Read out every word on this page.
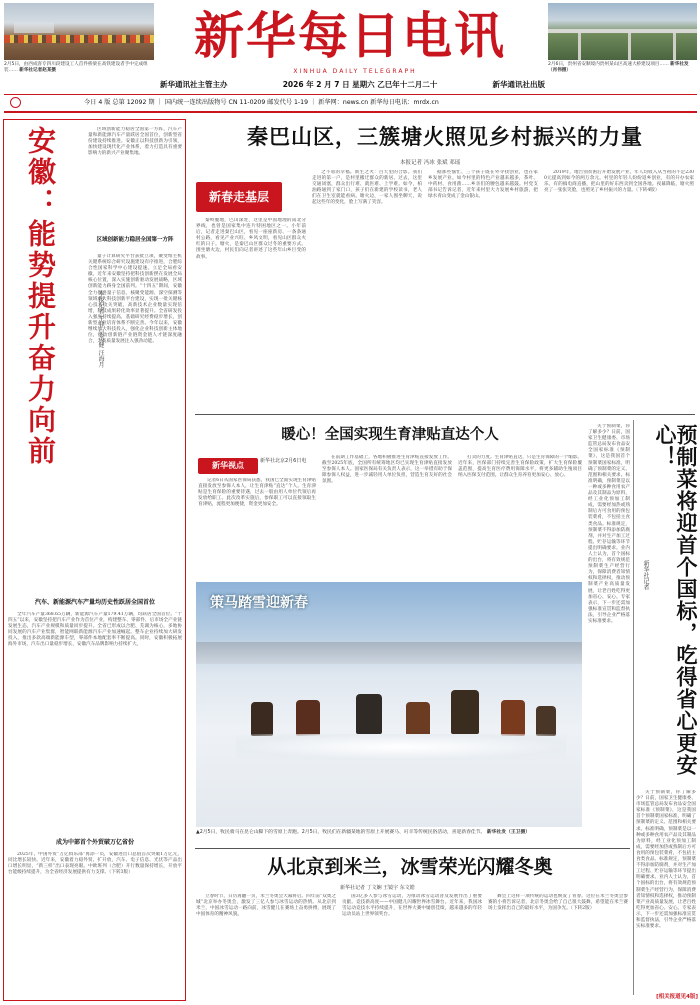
2月5日，由西成客专四川段建设工人首件桥梁在高铁建设者手中完成组装…… 新华社记者赵某摄
新华每日电讯
XINHUA DAILY TELEGRAPH
新华通讯社主管主办	2026 年 2 月 7 日 星期六 乙巳年十二月二十	新华通讯社出版
2月6日，贵州省安顺境内贵州某山区高速大桥建设项目…… 新华社发（肖伟摄）
今日 4 版 总第 12092 期 ｜ 国内统一连续出版物号 CN 11-0209 邮发代号 1-19 ｜ 新华网：news.cn 新华每日电讯：mrdx.cn
安徽：能势提升奋力向前	本报记者 王菲 吴英健 汪海月
区域创新能力稳居全国第一方阵，汽车产量和新能源汽车产量跃居全国首位，创新型省份建设持续推进。安徽正以科技创新为引领，加快建设现代化产业体系，着力打造具有重要影响力的新兴产业聚集地。
区域创新能力稳居全国第一方阵
量子计算研究平台获批立项，聚变堆主机关键系统综合研究设施建设有序推进，合肥综合性国家科学中心建设提速。立足全局看安徽，近年来安徽坚持把科技创新摆在发展全局核心位置，深入实施创新驱动发展战略，区域创新能力跻身全国前列。“十四五”期间，安徽全力推进量子信息、核聚变能源、深空探测等领域重大科技创新平台建设，实现一批关键核心技术攻关突破，高新技术企业数量实现倍增，科技成果转化效率显著提升。全省研发投入强度持续提高，基础研究经费稳步增长，创新型企业培育体系不断完善。今年以来，安徽继续加大科技投入，强化企业科技创新主体地位，推动创新链产业链资金链人才链深度融合，为高质量发展注入强劲动能。
汽车、新能源汽车产量均历史性跃居全国首位
全年汽车产量368.65万辆，新能源汽车产量179.41万辆，均跃居全国首位。“十四五”以来，安徽坚持把汽车产业作为首位产业，构建整车、零部件、后市场全产业链发展生态，汽车产业规模和质量同步提升。全省已形成以合肥、芜湖为核心，多地协同发展的汽车产业集群，智能网联新能源汽车产业加速崛起。整车企业持续加大研发投入，推出多款高端新能源车型，零部件本地配套率不断提高。同时，安徽积极拓展海外市场，汽车出口量稳步增长，安徽汽车品牌影响力持续扩大。
成为中部首个外贸破万亿省份
2025年，中国外贸“万亿俱乐部”再添一员，安徽进出口总值首次突破1万亿元，同比增长较快。近年来，安徽着力稳外贸、扩开放，汽车、电子信息、光伏等产品出口增长明显，“新三样”出口表现亮眼。中欧班列（合肥）开行数量保持增长，开放平台能级持续提升，为全省经济发展提供有力支撑。（下转3版）
秦巴山区，三簇塘火照见乡村振兴的力量
本报记者 冯冰 张斌 邓瑶
新春走基层
秦岭腹地，巴山深处，这里是中国地理的南北分界线，也曾是国家集中连片特困地区之一。小年前后，记者走进秦巴山区，看见一座座新房、一条条通村公路，看见产业兴旺、乡风文明，看见山区群众火红的日子。塘火，是秦巴山区群众过冬的重要方式。围坐塘火边，村民们向记者讲述了这些年山乡巨变的故事。
之不易的幸福。新生之火：百天里的合影。我们走进的第一户，是村里搬迁群众的新居。过去，这里交通闭塞，群众出行难、就医难、上学难。如今，柏油路通到了家门口，孩子们在新建的学校读书，老人们在卫生室就能看病。塘火边，一家人围坐聊天，说起这些年的变化，脸上写满了笑容。
据那些恼忙、三个孩子既在外寻找创业，也在家乡发展产业。如今村里的特色产业越来越多，茶叶、中药材、食用菌……乡亲们的腰包越来越鼓。村党支部书记告诉记者，近年来村里大力发展乡村旅游，把绿水青山变成了金山银山。
2019年，地告别贫困后开始发展产业，年人均收入从当初的不足2300元提高到如今的两万余元。村里的年轻人纷纷返乡创业，有的开办农家乐，有的搞电商直播，把山里的好东西卖到全国各地。夜幕降临，塘火照亮了一张张笑脸，也照见了乡村振兴的力量。（下转4版）
预制菜将迎首个国标，吃得省心更安心！
新华社记者
关于预制菜，你了解多少？日前，国家卫生健康委、市场监管总局发布食品安全国家标准《预制菜》，这是我国首个预制菜国家标准，明确了预制菜的定义、范围和相关要求。标准明确，预制菜是以一种或多种食用农产品及其制品为原料，经工业化预加工制成，需要经加热或熟制后方可食用的预包装菜肴，不包括主食类食品。标准规定，预制菜不得添加防腐剂，并对生产加工过程、贮存运输等环节提出明确要求。业内人士认为，首个国标的出台，将有效规范预制菜生产经营行为，保障消费者知情权和选择权，推动预制菜产业高质量发展，让老百姓吃得更加省心、安心。专家表示，下一步还需加强标准宣贯和监督执法，引导企业严格落实标准要求。
关于预制菜，你了解多少？日前，国家卫生健康委、市场监管总局发布食品安全国家标准《预制菜》，这是我国首个预制菜国家标准，明确了预制菜的定义、范围和相关要求。标准明确，预制菜是以一种或多种食用农产品及其制品为原料，经工业化预加工制成，需要经加热或熟制后方可食用的预包装菜肴，不包括主食类食品。标准规定，预制菜不得添加防腐剂，并对生产加工过程、贮存运输等环节提出明确要求。业内人士认为，首个国标的出台，将有效规范预制菜生产经营行为，保障消费者知情权和选择权，推动预制菜产业高质量发展，让老百姓吃得更加省心、安心。专家表示，下一步还需加强标准宣贯和监督执法，引导企业严格落实标准要求。
[相关报道见4版]
暖心！全国实现生育津贴直达个人
新华视点	新华社北京2月6日电
记者6日从国家医保局获悉，我国已全面实现生育津贴直接发放至参保人本人，让生育津贴“直达”个人。生育津贴是生育保险的重要待遇，过去一般由用人单位代领后再发放给职工。此次改革实施后，参保职工可以直接领取生育津贴，流程更加便捷，资金更加安全。
在前期工作基础上，各地积极推进生育津贴直接发放工作。截至2025年底，全国所有统筹地区均已实现生育津贴直接发放至参保人本人。国家医保局有关负责人表示，这一举措有助于保障参保人权益，进一步减轻用人单位负担，营造生育友好的社会氛围。
打卖的力度。生育津贴直达，只是生育保障的一个缩影。近年来，医保部门持续完善生育保险政策，扩大生育保险覆盖范围，提高生育医疗费用保障水平，将更多辅助生殖项目纳入医保支付范围，让群众生育养育更加安心、放心。
策马踏雪迎新春
▲2月5日，牧民骑马在昆仑山脚下的雪原上奔跑。2月5日，牧民们在新疆某地的雪原上开展赛马、叼羊等传统民俗活动，喜迎新春佳节。 新华社发（王卫摄）
从北京到米兰，冰雪荣光闪耀冬奥
新华社记者 丁文娴 王镜宇 东文皓
立春时节，日历再翻一页，米兰冬奥会大幕将启。四年前“双奥之城”北京举办冬奥会，激发了三亿人参与冰雪运动的热情。从北京到米兰，中国冰雪运动一路向前，冰雪健儿在赛场上奋勇拼搏，展现了中国体育的精神风貌。
国3亿多人参与冰雪运动，为推动冰雪运动普及发展作出了重要贡献。竞技新高度——中国健儿闪耀世界冰雪舞台。近年来，我国冰雪运动竞技水平持续提升，在世界大赛中屡创佳绩，越来越多的年轻运动员站上世界领奖台。
舞会上这样一项传统的运动也焕发了青春。这位在米兰冬奥会参赛的小将告诉记者，北京冬奥会给了自己很大鼓舞，希望能在米兰赛场上发挥出自己的最好水平，为国争光。（下转2版）
